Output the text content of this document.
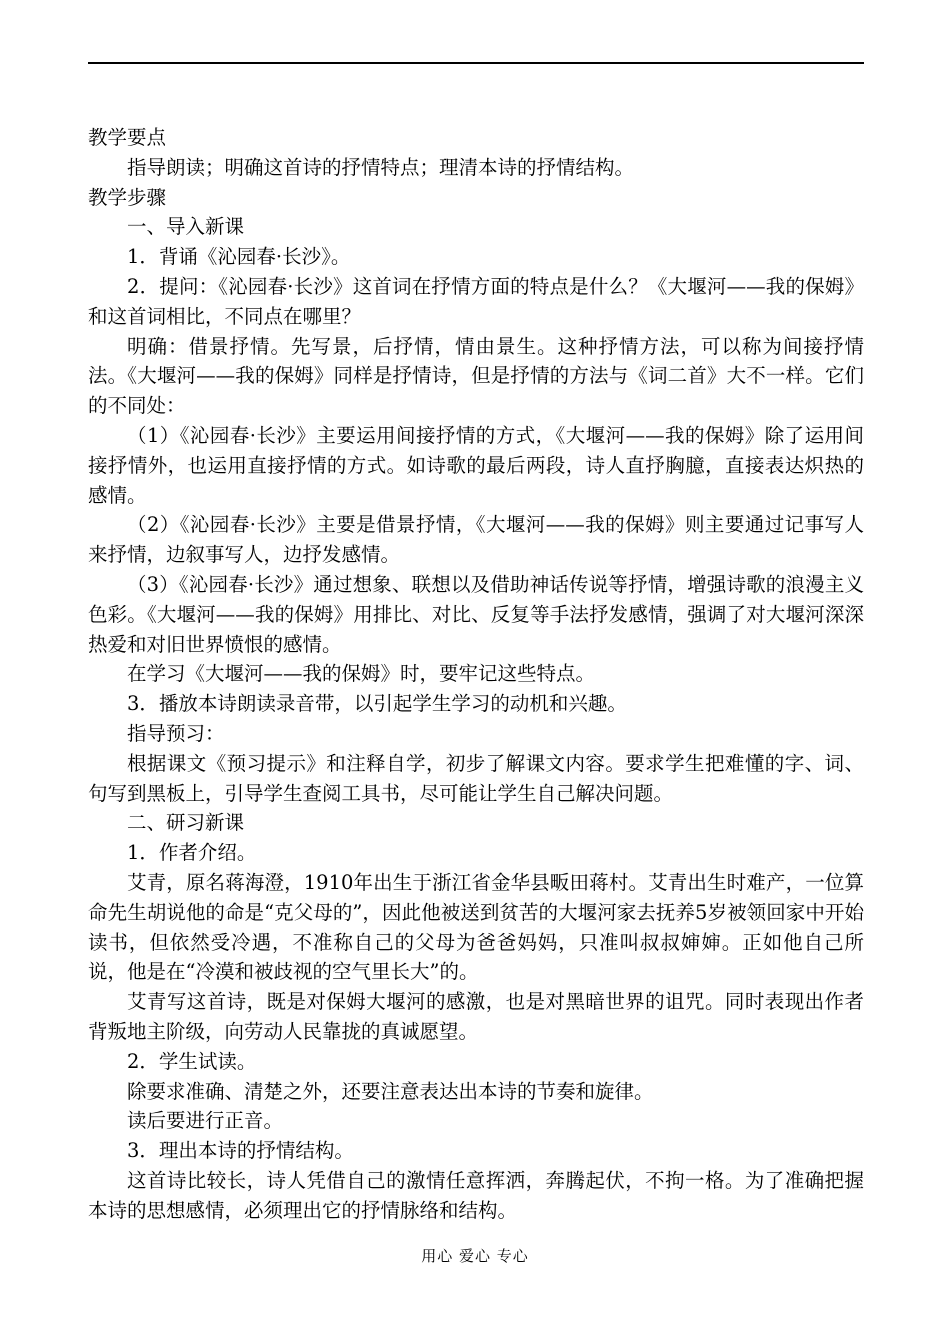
教学要点

指导朗读；明确这首诗的抒情特点；理清本诗的抒情结构。

教学步骤

一、导入新课

1．背诵《沁园春·长沙》。

2．提问：《沁园春·长沙》这首词在抒情方面的特点是什么？《大堰河——我的保姆》和这首词相比，不同点在哪里？

明确：借景抒情。先写景，后抒情，情由景生。这种抒情方法，可以称为间接抒情法。《大堰河——我的保姆》同样是抒情诗，但是抒情的方法与《词二首》大不一样。它们的不同处：

（1）《沁园春·长沙》主要运用间接抒情的方式，《大堰河——我的保姆》除了运用间接抒情外，也运用直接抒情的方式。如诗歌的最后两段，诗人直抒胸臆，直接表达炽热的感情。

（2）《沁园春·长沙》主要是借景抒情，《大堰河——我的保姆》则主要通过记事写人来抒情，边叙事写人，边抒发感情。

（3）《沁园春·长沙》通过想象、联想以及借助神话传说等抒情，增强诗歌的浪漫主义色彩。《大堰河——我的保姆》用排比、对比、反复等手法抒发感情，强调了对大堰河深深热爱和对旧世界愤恨的感情。

在学习《大堰河——我的保姆》时，要牢记这些特点。

3．播放本诗朗读录音带，以引起学生学习的动机和兴趣。

指导预习：

根据课文《预习提示》和注释自学，初步了解课文内容。要求学生把难懂的字、词、句写到黑板上，引导学生查阅工具书，尽可能让学生自己解决问题。

二、研习新课

1．作者介绍。

艾青，原名蒋海澄，1910年出生于浙江省金华县畈田蒋村。艾青出生时难产，一位算命先生胡说他的命是“克父母的”，因此他被送到贫苦的大堰河家去抚养5岁被领回家中开始读书，但依然受冷遇，不准称自己的父母为爸爸妈妈，只准叫叔叔婶婶。正如他自己所说，他是在“冷漠和被歧视的空气里长大”的。

艾青写这首诗，既是对保姆大堰河的感激，也是对黑暗世界的诅咒。同时表现出作者背叛地主阶级，向劳动人民靠拢的真诚愿望。

2．学生试读。

除要求准确、清楚之外，还要注意表达出本诗的节奏和旋律。

读后要进行正音。

3．理出本诗的抒情结构。

这首诗比较长，诗人凭借自己的激情任意挥洒，奔腾起伏，不拘一格。为了准确把握本诗的思想感情，必须理出它的抒情脉络和结构。

用心 爱心 专心
